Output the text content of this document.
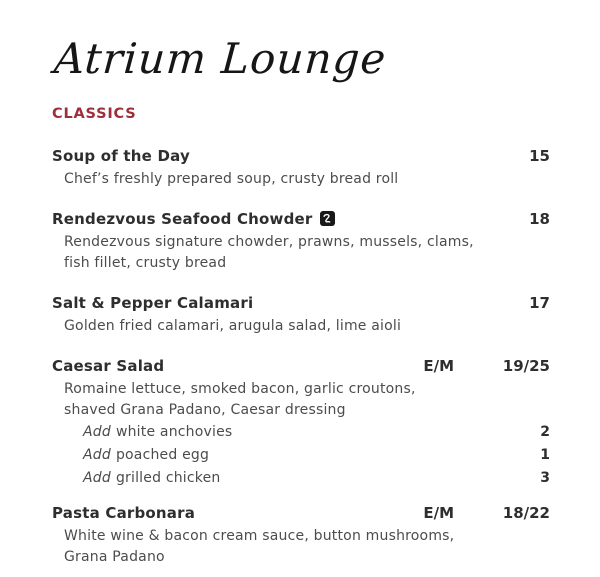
Atrium Lounge
CLASSICS
Soup of the Day	15
Chef’s freshly prepared soup, crusty bread roll
Rendezvous Seafood Chowder	18
Rendezvous signature chowder, prawns, mussels, clams,
fish fillet, crusty bread
Salt & Pepper Calamari	17
Golden fried calamari, arugula salad, lime aioli
Caesar Salad	E/M	19/25
Romaine lettuce, smoked bacon, garlic croutons,
shaved Grana Padano, Caesar dressing
Add white anchovies	2
Add poached egg	1
Add grilled chicken	3
Pasta Carbonara	E/M	18/22
White wine & bacon cream sauce, button mushrooms,
Grana Padano
